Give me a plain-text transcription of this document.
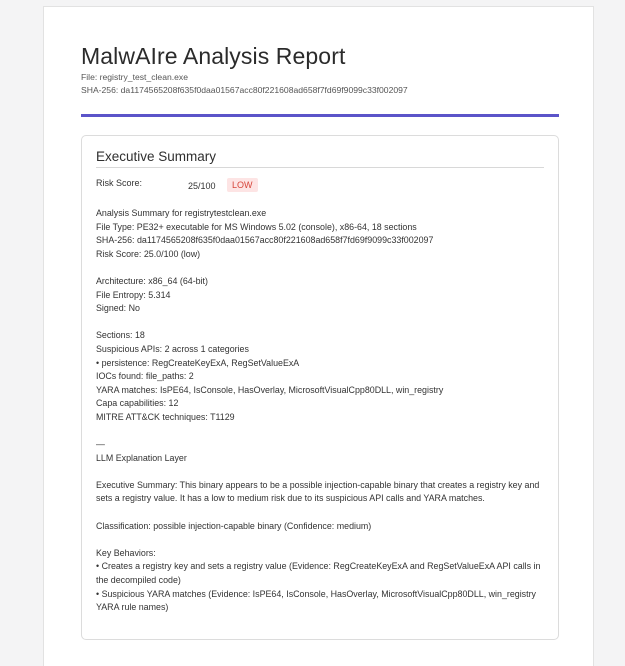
MalwAIre Analysis Report
File: registry_test_clean.exe
SHA-256: da1174565208f635f0daa01567acc80f221608ad658f7fd69f9099c33f002097
Executive Summary
Risk Score:	25/100	LOW
Analysis Summary for registrytestclean.exe
File Type: PE32+ executable for MS Windows 5.02 (console), x86-64, 18 sections
SHA-256: da1174565208f635f0daa01567acc80f221608ad658f7fd69f9099c33f002097
Risk Score: 25.0/100 (low)
Architecture: x86_64 (64-bit)
File Entropy: 5.314
Signed: No
Sections: 18
Suspicious APIs: 2 across 1 categories
• persistence: RegCreateKeyExA, RegSetValueExA
IOCs found: file_paths: 2
YARA matches: IsPE64, IsConsole, HasOverlay, MicrosoftVisualCpp80DLL, win_registry
Capa capabilities: 12
MITRE ATT&CK techniques: T1129
—
LLM Explanation Layer
Executive Summary: This binary appears to be a possible injection-capable binary that creates a registry key and sets a registry value. It has a low to medium risk due to its suspicious API calls and YARA matches.
Classification: possible injection-capable binary (Confidence: medium)
Key Behaviors:
• Creates a registry key and sets a registry value (Evidence: RegCreateKeyExA and RegSetValueExA API calls in the decompiled code)
• Suspicious YARA matches (Evidence: IsPE64, IsConsole, HasOverlay, MicrosoftVisualCpp80DLL, win_registry YARA rule names)
